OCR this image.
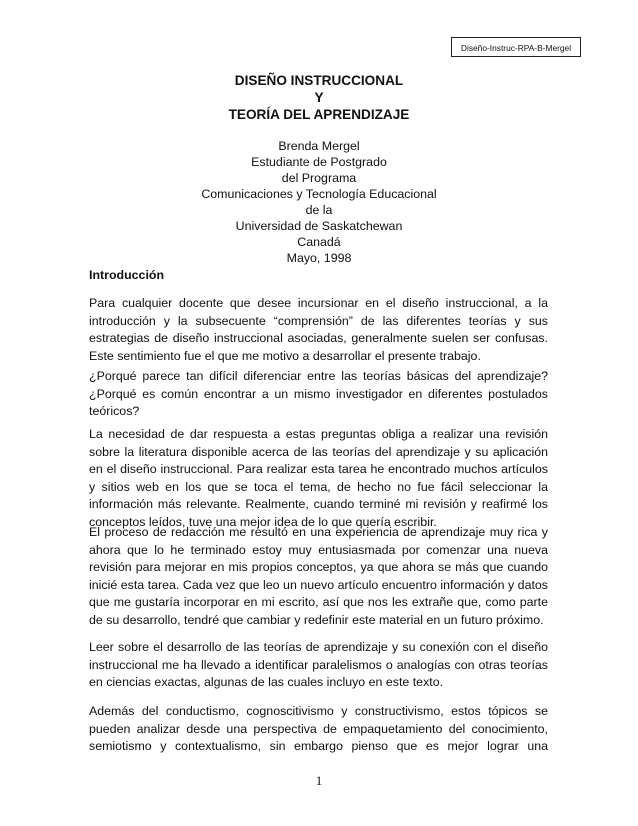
Diseño-Instruc-RPA-B-Mergel
DISEÑO INSTRUCCIONAL
Y
TEORÍA DEL APRENDIZAJE
Brenda Mergel
Estudiante de Postgrado
del Programa
Comunicaciones y Tecnología Educacional
de la
Universidad de Saskatchewan
Canadá
Mayo, 1998
Introducción

Para cualquier docente que desee incursionar en el diseño instruccional, a la introducción y la subsecuente “comprensión” de las diferentes teorías y sus estrategias de diseño instruccional asociadas, generalmente suelen ser confusas. Este sentimiento fue el que me motivo a desarrollar el presente trabajo.

¿Porqué parece tan difícil diferenciar entre las teorías básicas del aprendizaje? ¿Porqué es común encontrar a un mismo investigador en diferentes postulados teóricos?

La necesidad de dar respuesta a estas preguntas obliga a realizar una revisión sobre la literatura disponible acerca de las teorías del aprendizaje y su aplicación en el diseño instruccional. Para realizar esta tarea he encontrado muchos artículos y sitios web en los que se toca el tema, de hecho no fue fácil seleccionar la información más relevante. Realmente, cuando terminé mi revisión y reafirmé los conceptos leídos, tuve una mejor idea de lo que quería escribir.

El proceso de redacción me resultó en una experiencia de aprendizaje muy rica y ahora que lo he terminado estoy muy entusiasmada por comenzar una nueva revisión para mejorar en mis propios conceptos, ya que ahora se más que cuando inicié esta tarea. Cada vez que leo un nuevo artículo encuentro información y datos que me gustaría incorporar en mi escrito, así que nos les extrañe que, como parte de su desarrollo, tendré que cambiar y redefinir este material en un futuro próximo.

Leer sobre el desarrollo de las teorías de aprendizaje y su conexión con el diseño instruccional me ha llevado a identificar paralelismos o analogías con otras teorías en ciencias exactas, algunas de las cuales incluyo en este texto.

Además del conductismo, cognoscitivismo y constructivismo, estos tópicos se pueden analizar desde una perspectiva de empaquetamiento del conocimiento, semiotismo y contextualismo, sin embargo pienso que es mejor lograr una

1
